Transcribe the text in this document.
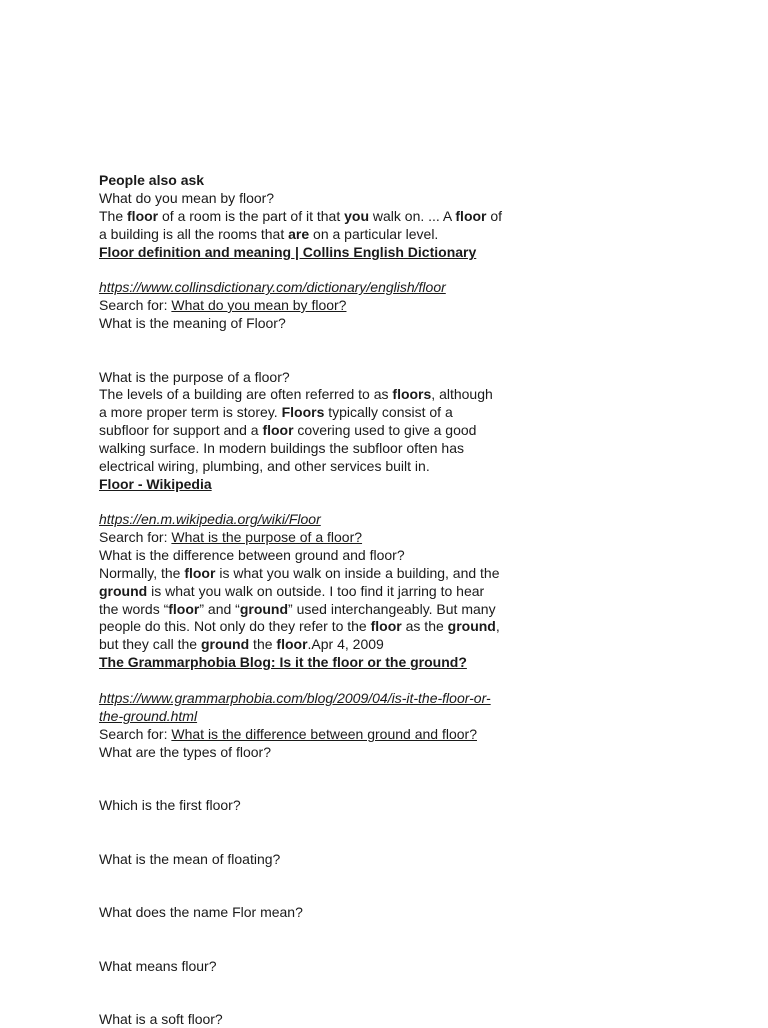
People also ask
What do you mean by floor?
The floor of a room is the part of it that you walk on. ... A floor of
a building is all the rooms that are on a particular level.
Floor definition and meaning | Collins English Dictionary
https://www.collinsdictionary.com/dictionary/english/floor
Search for: What do you mean by floor?
What is the meaning of Floor?
What is the purpose of a floor?
The levels of a building are often referred to as floors, although
a more proper term is storey. Floors typically consist of a
subfloor for support and a floor covering used to give a good
walking surface. In modern buildings the subfloor often has
electrical wiring, plumbing, and other services built in.
Floor - Wikipedia
https://en.m.wikipedia.org/wiki/Floor
Search for: What is the purpose of a floor?
What is the difference between ground and floor?
Normally, the floor is what you walk on inside a building, and the
ground is what you walk on outside. I too find it jarring to hear
the words “floor” and “ground” used interchangeably. But many
people do this. Not only do they refer to the floor as the ground,
but they call the ground the floor.Apr 4, 2009
The Grammarphobia Blog: Is it the floor or the ground?
https://www.grammarphobia.com/blog/2009/04/is-it-the-floor-or-
the-ground.html
Search for: What is the difference between ground and floor?
What are the types of floor?
Which is the first floor?
What is the mean of floating?
What does the name Flor mean?
What means flour?
What is a soft floor?
